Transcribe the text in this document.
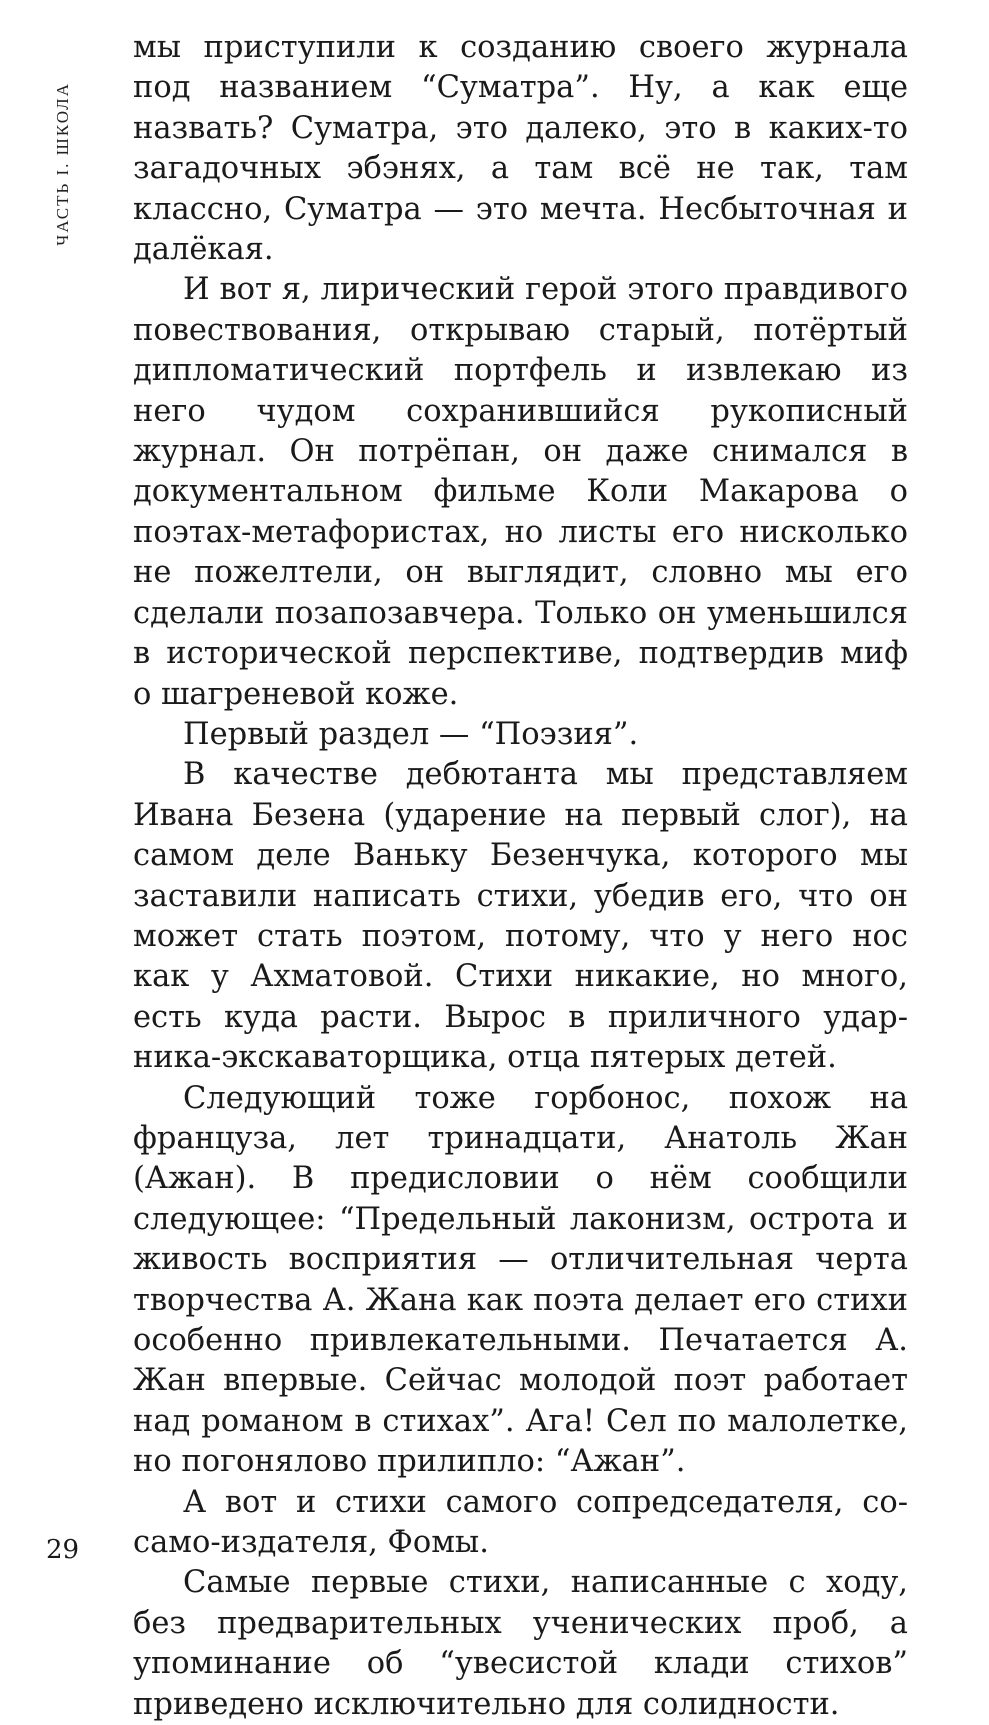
ЧАСТЬ I. ШКОЛА

мы приступили к созданию своего журнала под названием “Суматра”. Ну, а как еще назвать? Суматра, это далеко, это в каких-то загадочных эбэнях, а там всё не так, там классно, Суматра — это мечта. Несбыточная и далёкая.

И вот я, лирический герой этого правдивого повествования, открываю старый, потёртый дипломатический портфель и извлекаю из него чудом сохранившийся рукописный журнал. Он потрёпан, он даже снимался в документальном фильме Коли Макарова о поэтах-метафористах, но листы его нисколько не пожелтели, он выглядит, словно мы его сделали позапозавчера. Только он уменьшился в исторической перспективе, подтвердив миф о шагреневой коже.

Первый раздел — “Поэзия”.

В качестве дебютанта мы представляем Ивана Безена (ударение на первый слог), на самом деле Ваньку Безенчука, которого мы заставили написать стихи, убедив его, что он может стать поэтом, потому, что у него нос как у Ахматовой. Стихи никакие, но много, есть куда расти. Вырос в приличного ударника-экскаваторщика, отца пятерых детей.

Следующий тоже горбонос, похож на француза, лет тринадцати, Анатоль Жан (Ажан). В предисловии о нём сообщили следующее: “Предельный лаконизм, острота и живость восприятия — отличительная черта творчества А. Жана как поэта делает его стихи особенно привлекательными. Печатается А. Жан впервые. Сейчас молодой поэт работает над романом в стихах”. Ага! Сел по малолетке, но погонялово прилипло: “Ажан”.

А вот и стихи самого сопредседателя, со-само-издателя, Фомы.

Самые первые стихи, написанные с ходу, без предварительных ученических проб, а упоминание об “увесистой клади стихов” приведено исключительно для солидности.

29
